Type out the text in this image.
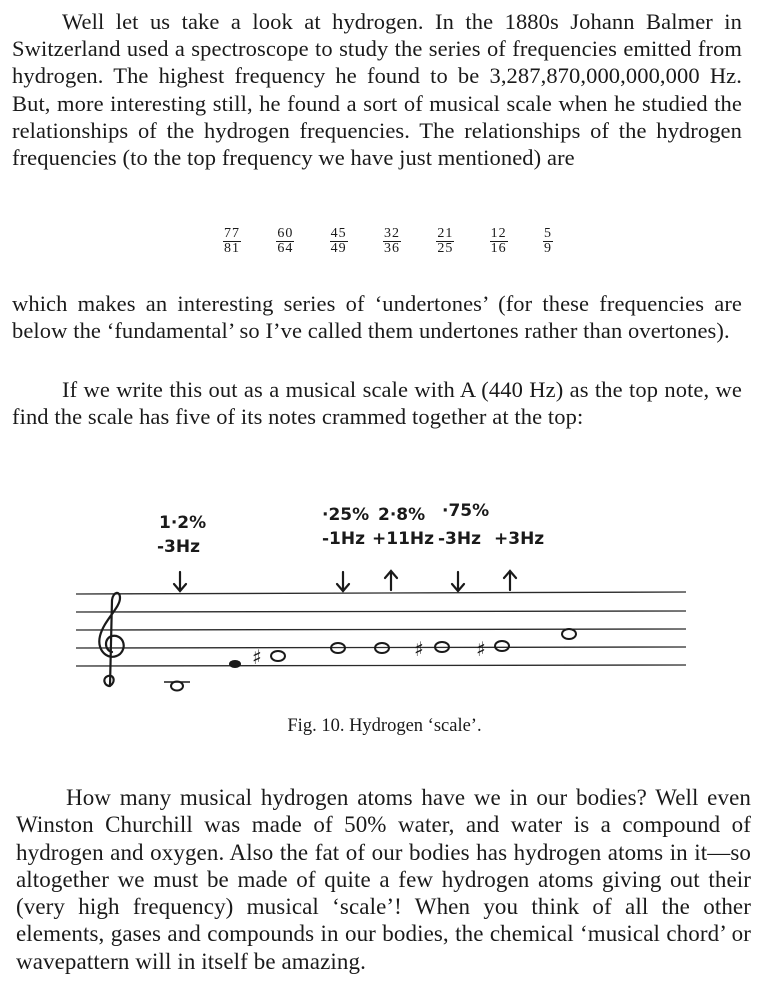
Well let us take a look at hydrogen. In the 1880s Johann Balmer in Switzerland used a spectroscope to study the series of frequencies emitted from hydrogen. The highest frequency he found to be 3,287,870,000,000,000 Hz. But, more interesting still, he found a sort of musical scale when he studied the relationships of the hydrogen frequencies. The relationships of the hydrogen frequencies (to the top frequency we have just mentioned) are

$\frac{77}{81}$	$\frac{60}{64}$	$\frac{45}{49}$	$\frac{32}{36}$	$\frac{21}{25}$	$\frac{12}{16}$	$\frac{5}{9}$

which makes an interesting series of ‘undertones’ (for these frequencies are below the ‘fundamental’ so I’ve called them undertones rather than overtones).

If we write this out as a musical scale with A (440 Hz) as the top note, we find the scale has five of its notes crammed together at the top:

1·2%	·25% 2·8% ·75%
-3Hz	-1Hz +11Hz -3Hz +3Hz
♯	♯	♯
Fig. 10. Hydrogen ‘scale’.

How many musical hydrogen atoms have we in our bodies? Well even Winston Churchill was made of 50% water, and water is a compound of hydrogen and oxygen. Also the fat of our bodies has hydrogen atoms in it—so altogether we must be made of quite a few hydrogen atoms giving out their (very high frequency) musical ‘scale’! When you think of all the other elements, gases and compounds in our bodies, the chemical ‘musical chord’ or wavepattern will in itself be amazing.
